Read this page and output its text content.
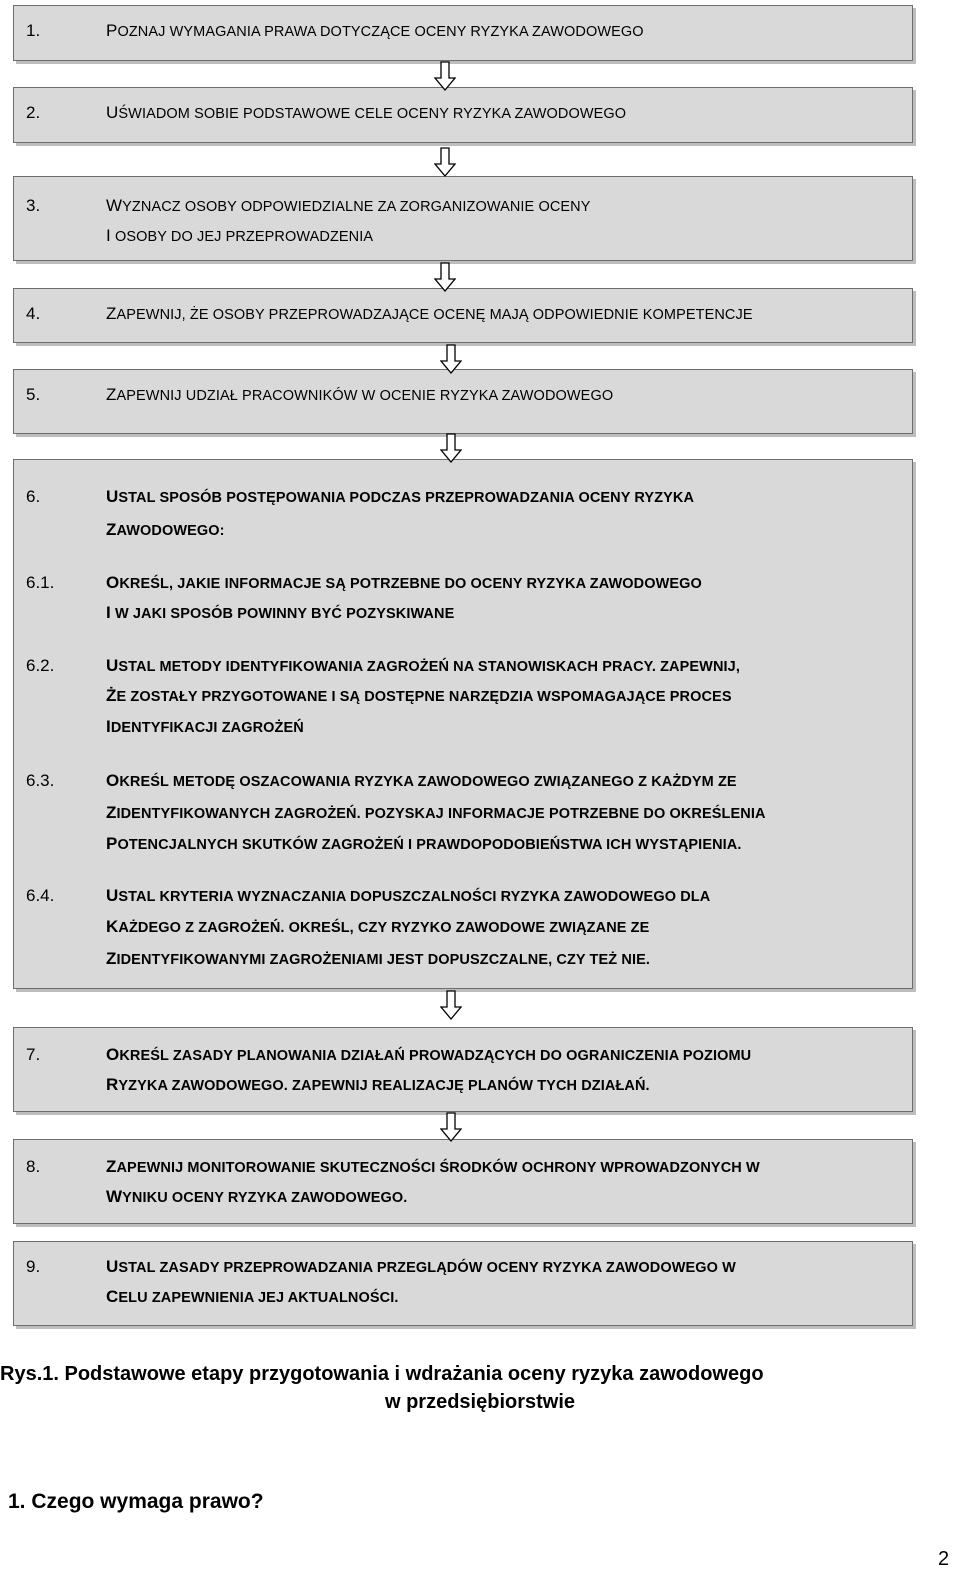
1.	POZNAJ WYMAGANIA PRAWA DOTYCZĄCE OCENY RYZYKA ZAWODOWEGO
2.	UŚWIADOM SOBIE PODSTAWOWE CELE OCENY RYZYKA ZAWODOWEGO
3.	WYZNACZ OSOBY ODPOWIEDZIALNE ZA ZORGANIZOWANIE OCENY
I OSOBY DO JEJ PRZEPROWADZENIA
4.	ZAPEWNIJ, ŻE OSOBY PRZEPROWADZAJĄCE OCENĘ MAJĄ ODPOWIEDNIE KOMPETENCJE
5.	ZAPEWNIJ UDZIAŁ PRACOWNIKÓW W OCENIE RYZYKA ZAWODOWEGO
6.	USTAL SPOSÓB POSTĘPOWANIA PODCZAS PRZEPROWADZANIA OCENY RYZYKA
ZAWODOWEGO:
6.1.	OKREŚL, JAKIE INFORMACJE SĄ POTRZEBNE DO OCENY RYZYKA ZAWODOWEGO
I W JAKI SPOSÓB POWINNY BYĆ POZYSKIWANE
6.2.	USTAL METODY IDENTYFIKOWANIA ZAGROŻEŃ NA STANOWISKACH PRACY. ZAPEWNIJ,
ŻE ZOSTAŁY PRZYGOTOWANE I SĄ DOSTĘPNE NARZĘDZIA WSPOMAGAJĄCE PROCES
IDENTYFIKACJI ZAGROŻEŃ
6.3.	OKREŚL METODĘ OSZACOWANIA RYZYKA ZAWODOWEGO ZWIĄZANEGO Z KAŻDYM ZE
ZIDENTYFIKOWANYCH ZAGROŻEŃ. POZYSKAJ INFORMACJE POTRZEBNE DO OKREŚLENIA
POTENCJALNYCH SKUTKÓW ZAGROŻEŃ I PRAWDOPODOBIEŃSTWA ICH WYSTĄPIENIA.
6.4.	USTAL KRYTERIA WYZNACZANIA DOPUSZCZALNOŚCI RYZYKA ZAWODOWEGO DLA
KAŻDEGO Z ZAGROŻEŃ. OKREŚL, CZY RYZYKO ZAWODOWE ZWIĄZANE ZE
ZIDENTYFIKOWANYMI ZAGROŻENIAMI JEST DOPUSZCZALNE, CZY TEŻ NIE.
7.	OKREŚL ZASADY PLANOWANIA DZIAŁAŃ PROWADZĄCYCH DO OGRANICZENIA POZIOMU
RYZYKA ZAWODOWEGO. ZAPEWNIJ REALIZACJĘ PLANÓW TYCH DZIAŁAŃ.
8.	ZAPEWNIJ MONITOROWANIE SKUTECZNOŚCI ŚRODKÓW OCHRONY WPROWADZONYCH W
WYNIKU OCENY RYZYKA ZAWODOWEGO.
9.	USTAL ZASADY PRZEPROWADZANIA PRZEGLĄDÓW OCENY RYZYKA ZAWODOWEGO W
CELU ZAPEWNIENIA JEJ AKTUALNOŚCI.
Rys.1. Podstawowe etapy przygotowania i wdrażania oceny ryzyka zawodowego
w przedsiębiorstwie
1. Czego wymaga prawo?
2
